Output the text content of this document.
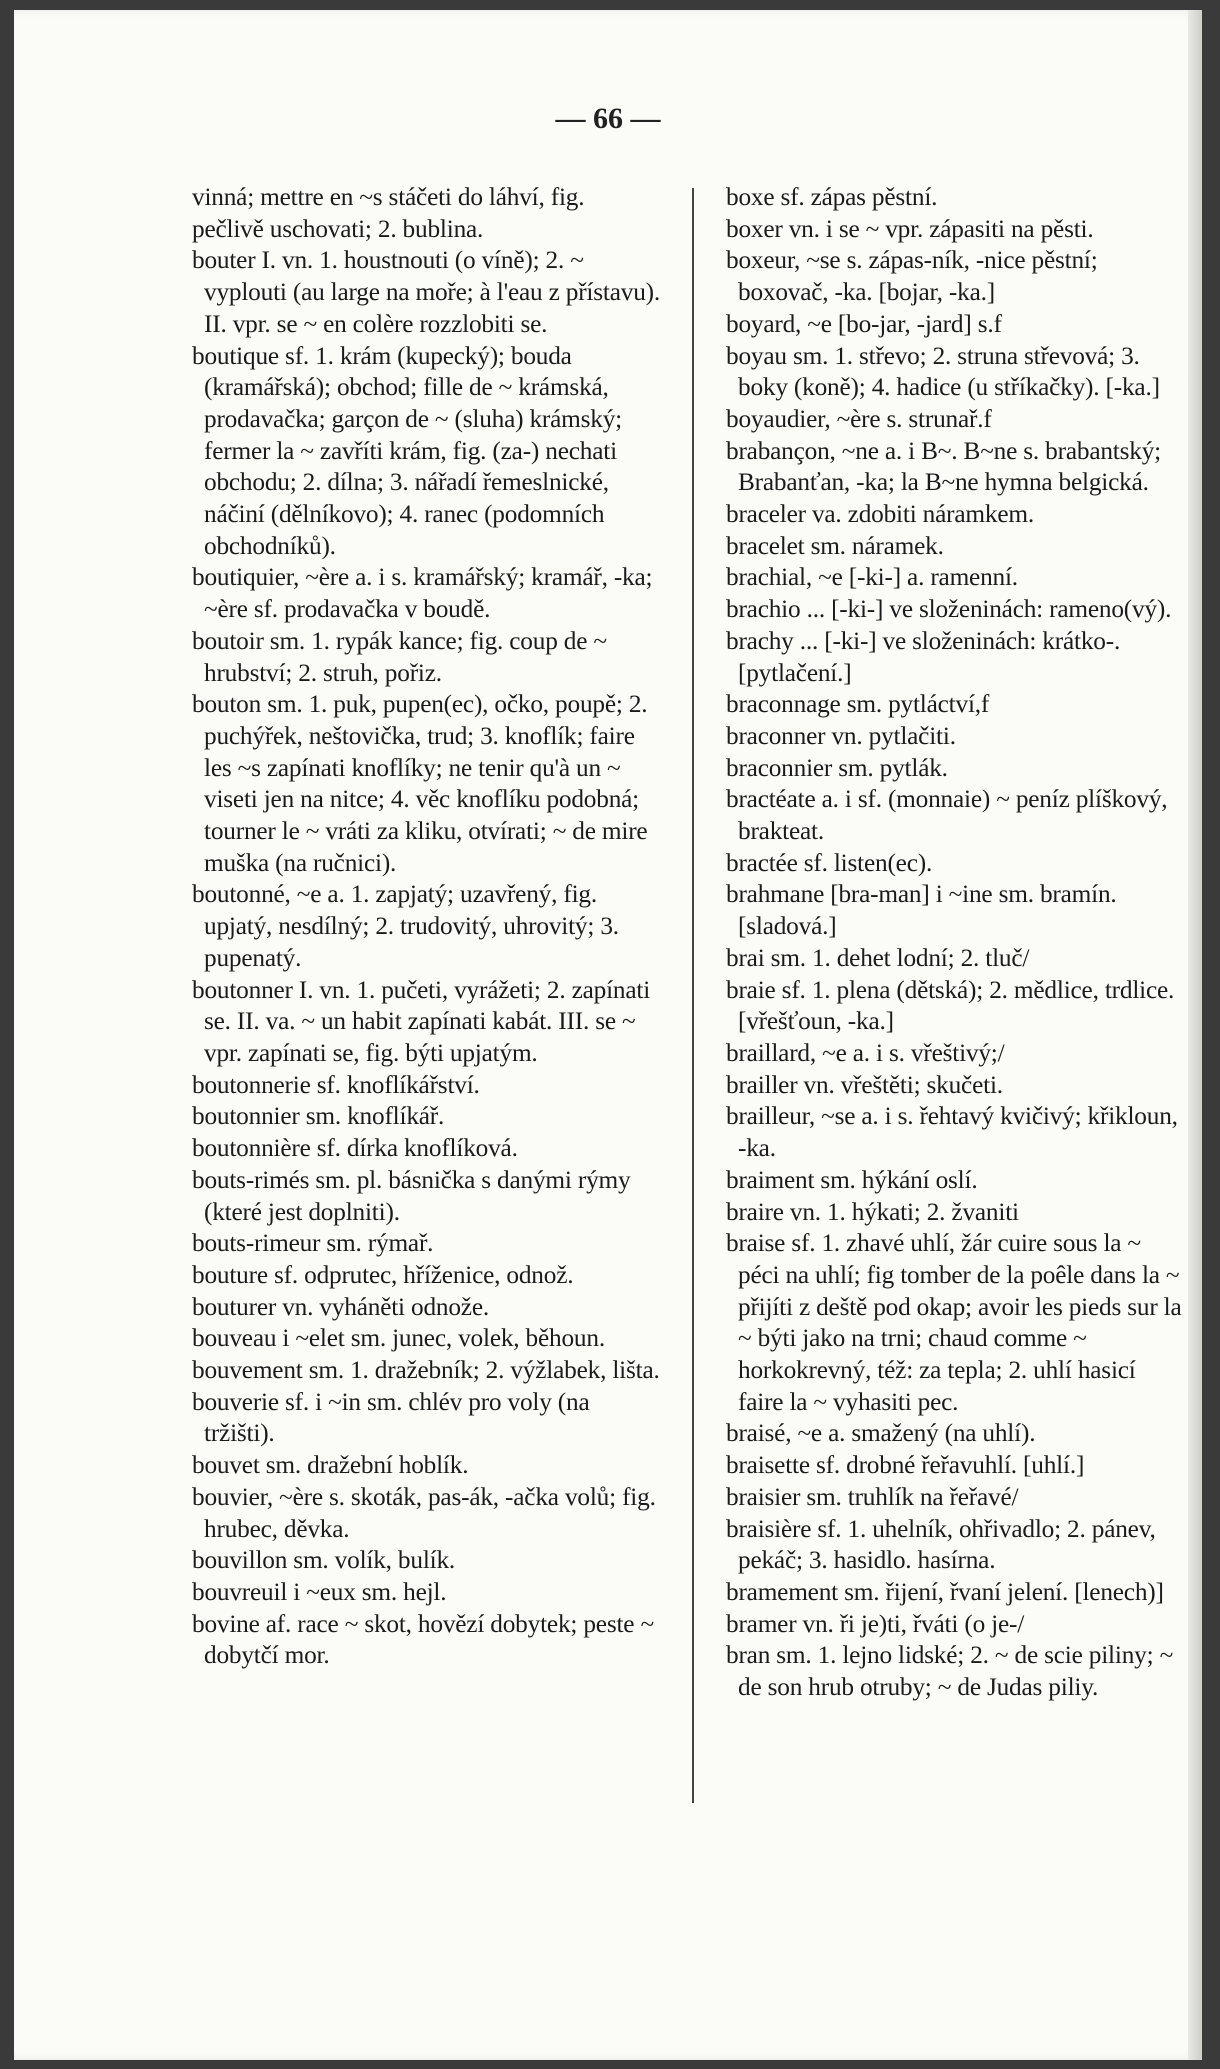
— 66 —

vinná; mettre en ~s stáčeti do láhví, fig. pečlivě uschovati; 2. bublina.

bouter I. vn. 1. houstnouti (o víně); 2. ~ vyplouti (au large na moře; à l'eau z přístavu). II. vpr. se ~ en colère rozzlobiti se.

boutique sf. 1. krám (kupecký); bouda (kramářská); obchod; fille de ~ krámská, prodavačka; garçon de ~ (sluha) krámský; fermer la ~ zavříti krám, fig. (za-) nechati obchodu; 2. dílna; 3. nářadí řemeslnické, náčiní (dělníkovo); 4. ranec (podomních obchodníků).

boutiquier, ~ère a. i s. kramářský; kramář, -ka; ~ère sf. prodavačka v boudě.

boutoir sm. 1. rypák kance; fig. coup de ~ hrubství; 2. struh, pořiz.

bouton sm. 1. puk, pupen(ec), očko, poupě; 2. puchýřek, neštovička, trud; 3. knoflík; faire les ~s zapínati knoflíky; ne tenir qu'à un ~ viseti jen na nitce; 4. věc knoflíku podobná; tourner le ~ vráti za kliku, otvírati; ~ de mire muška (na ručnici).

boutonné, ~e a. 1. zapjatý; uzavřený, fig. upjatý, nesdílný; 2. trudovitý, uhrovitý; 3. pupenatý.

boutonner I. vn. 1. pučeti, vyrážeti; 2. zapínati se. II. va. ~ un habit zapínati kabát. III. se ~ vpr. zapínati se, fig. býti upjatým.

boutonnerie sf. knoflíkářství.

boutonnier sm. knoflíkář.

boutonnière sf. dírka knoflíková.

bouts-rimés sm. pl. básnička s danými rýmy (které jest doplniti).

bouts-rimeur sm. rýmař.

bouture sf. odprutec, hříženice, odnož.

bouturer vn. vyháněti odnože.

bouveau i ~elet sm. junec, volek, běhoun.

bouvement sm. 1. dražebník; 2. výžlabek, lišta.

bouverie sf. i ~in sm. chlév pro voly (na tržišti).

bouvet sm. dražební hoblík.

bouvier, ~ère s. skoták, pas-ák, -ačka volů; fig. hrubec, děvka.

bouvillon sm. volík, bulík.

bouvreuil i ~eux sm. hejl.

bovine af. race ~ skot, hovězí dobytek; peste ~ dobytčí mor.

boxe sf. zápas pěstní.

boxer vn. i se ~ vpr. zápasiti na pěsti.

boxeur, ~se s. zápas-ník, -nice pěstní; boxovač, -ka. [bojar, -ka.]

boyard, ~e [bo-jar, -jard] s.f

boyau sm. 1. střevo; 2. struna střevová; 3. boky (koně); 4. hadice (u stříkačky). [-ka.]

boyaudier, ~ère s. strunař.f

brabançon, ~ne a. i B~. B~ne s. brabantský; Brabanťan, -ka; la B~ne hymna belgická.

braceler va. zdobiti náramkem.

bracelet sm. náramek.

brachial, ~e [-ki-] a. ramenní.

brachio ... [-ki-] ve složeninách: rameno(vý).

brachy ... [-ki-] ve složeninách: krátko-. [pytlačení.]

braconnage sm. pytláctví,f

braconner vn. pytlačiti.

braconnier sm. pytlák.

bractéate a. i sf. (monnaie) ~ peníz plíškový, brakteat.

bractée sf. listen(ec).

brahmane [bra-man] i ~ine sm. bramín. [sladová.]

brai sm. 1. dehet lodní; 2. tluč/

braie sf. 1. plena (dětská); 2. mědlice, trdlice. [vřešťoun, -ka.]

braillard, ~e a. i s. vřeštivý;/

brailler vn. vřeštěti; skučeti.

brailleur, ~se a. i s. řehtavý kvičivý; křikloun, -ka.

braiment sm. hýkání oslí.

braire vn. 1. hýkati; 2. žvaniti

braise sf. 1. zhavé uhlí, žár cuire sous la ~ péci na uhlí; fig tomber de la poêle dans la ~ přijíti z deště pod okap; avoir les pieds sur la ~ býti jako na trni; chaud comme ~ horkokrevný, též: za tepla; 2. uhlí hasicí faire la ~ vyhasiti pec.

braisé, ~e a. smažený (na uhlí).

braisette sf. drobné řeřavuhlí. [uhlí.]

braisier sm. truhlík na řeřavé/

braisière sf. 1. uhelník, ohřivadlo; 2. pánev, pekáč; 3. hasidlo. hasírna.

bramement sm. řijení, řvaní jelení. [lenech)]

bramer vn. ři je)ti, řváti (o je-/

bran sm. 1. lejno lidské; 2. ~ de scie piliny; ~ de son hrub otruby; ~ de Judas piliy.
